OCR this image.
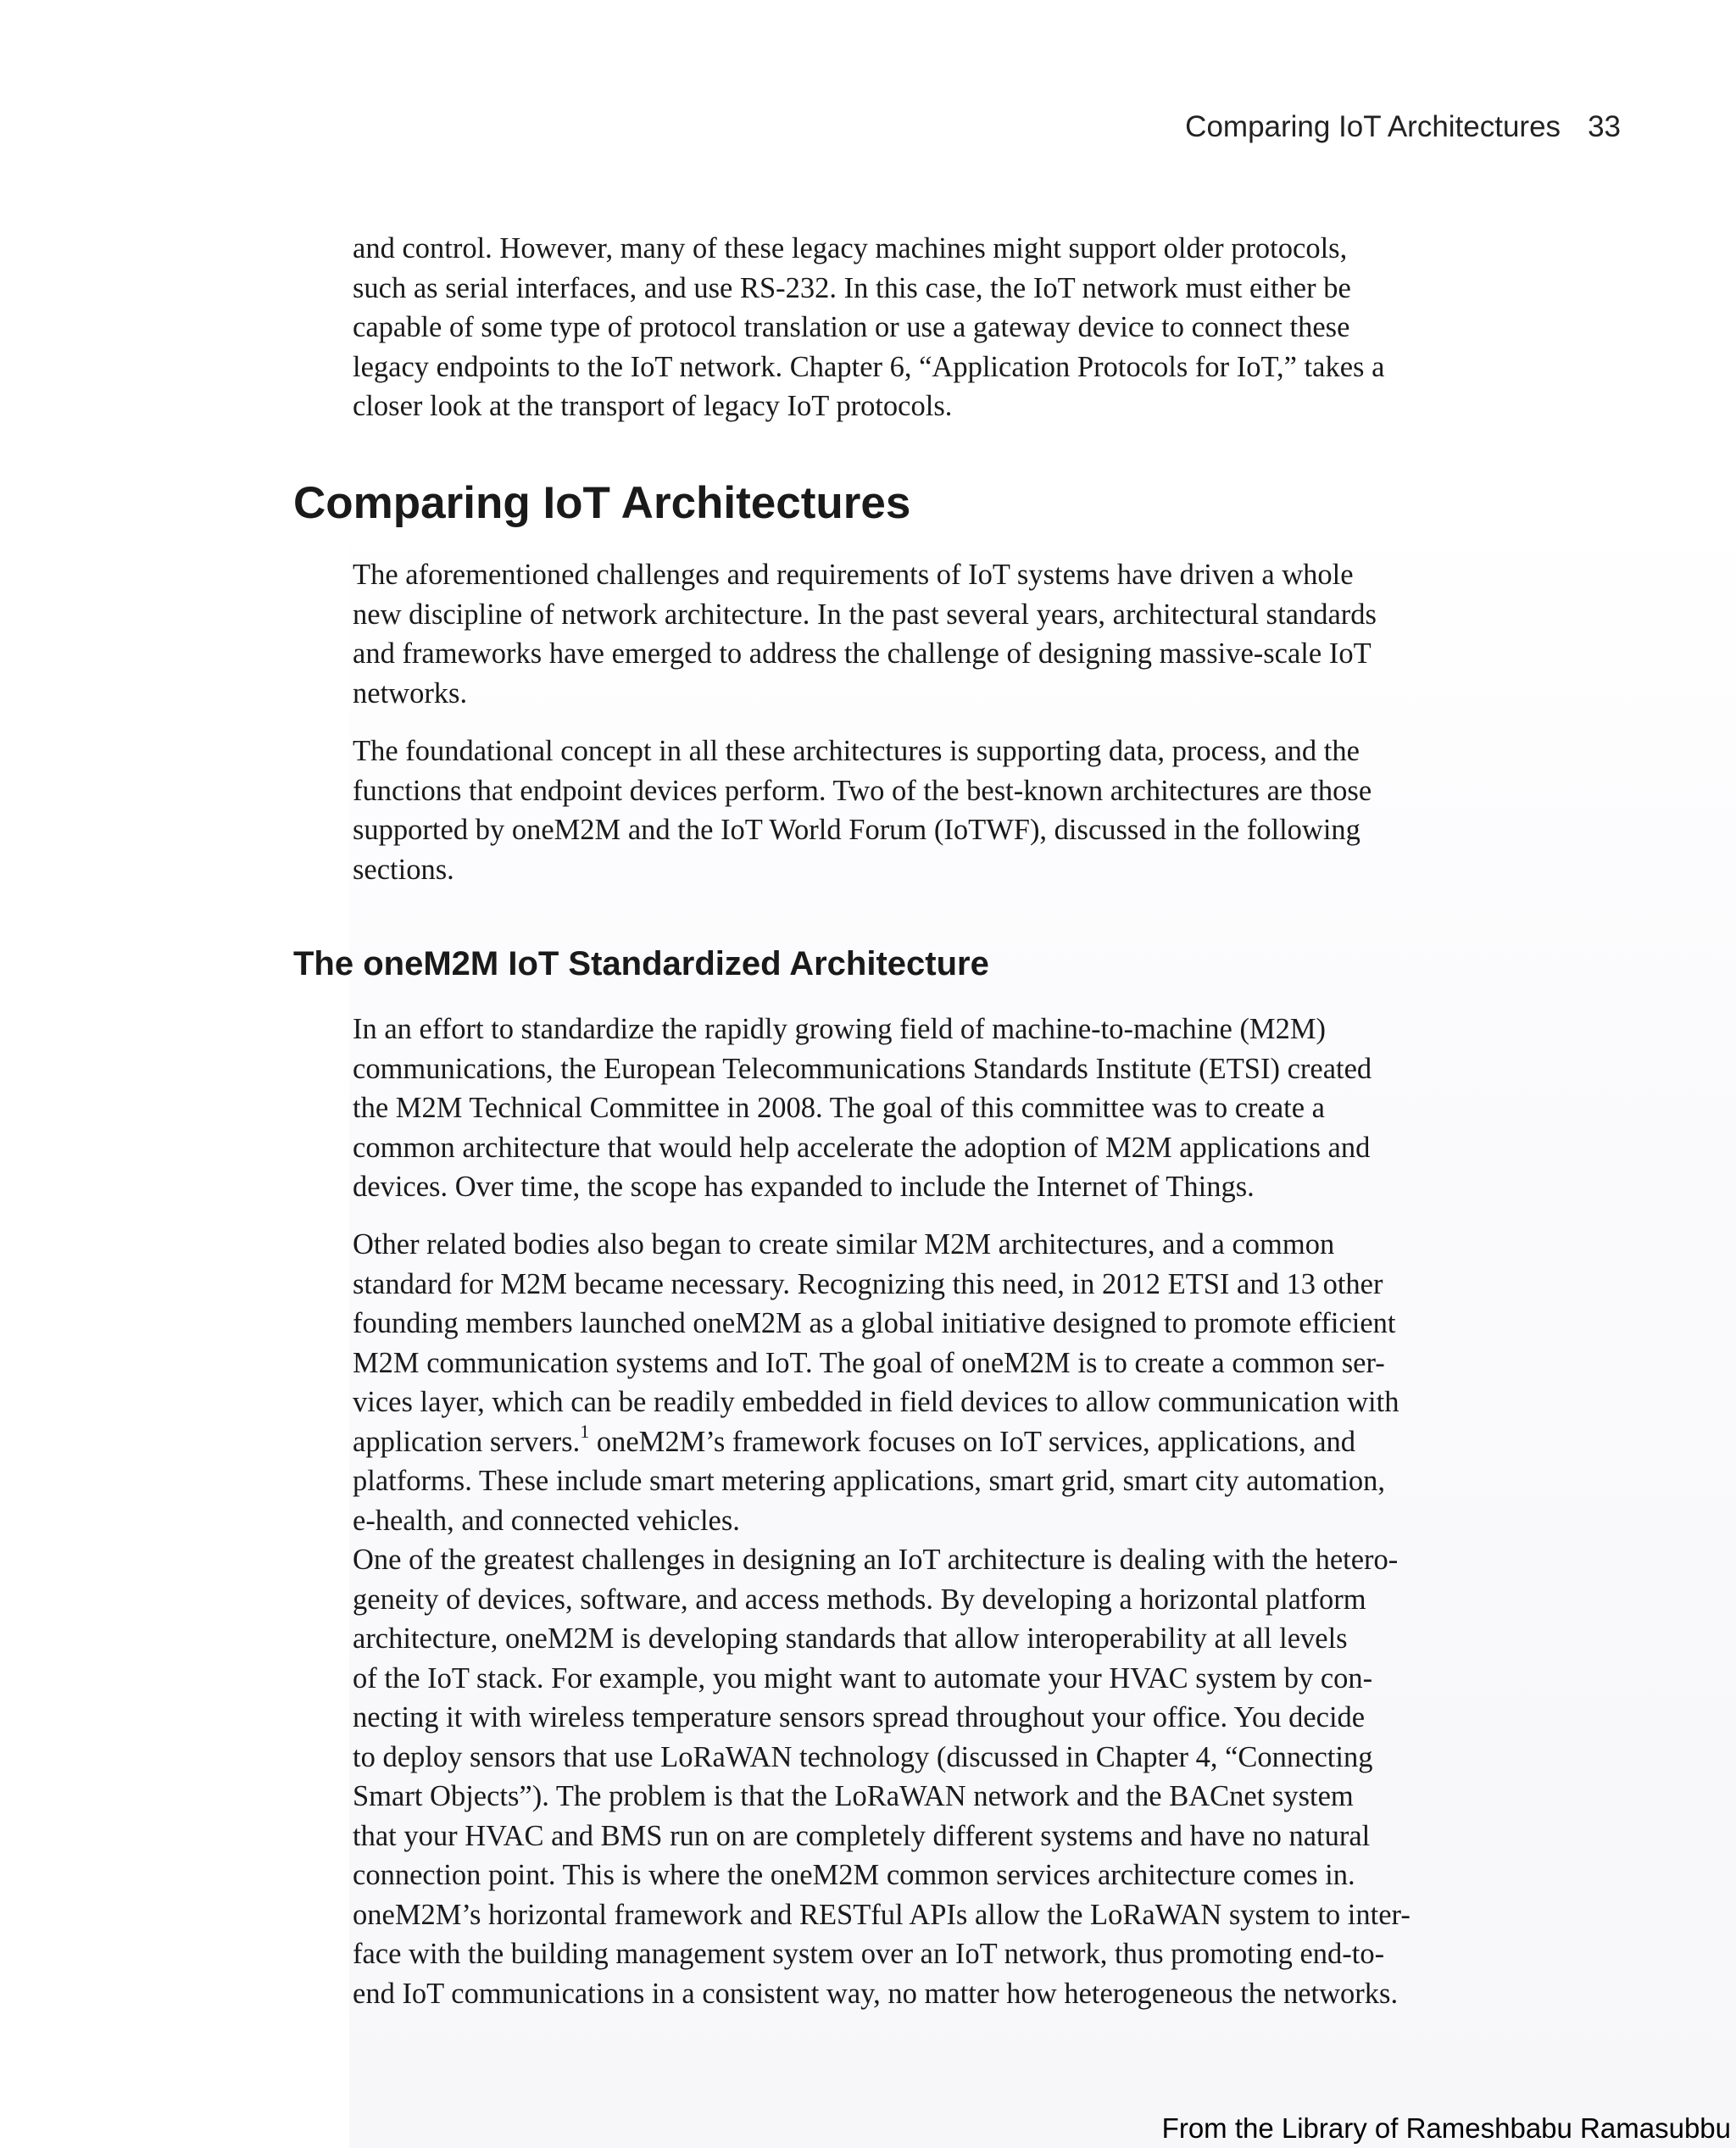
Comparing IoT Architectures 33

and control. However, many of these legacy machines might support older protocols,
such as serial interfaces, and use RS-232. In this case, the IoT network must either be
capable of some type of protocol translation or use a gateway device to connect these
legacy endpoints to the IoT network. Chapter 6, “Application Protocols for IoT,” takes a
closer look at the transport of legacy IoT protocols.

Comparing IoT Architectures

The aforementioned challenges and requirements of IoT systems have driven a whole
new discipline of network architecture. In the past several years, architectural standards
and frameworks have emerged to address the challenge of designing massive-scale IoT
networks.

The foundational concept in all these architectures is supporting data, process, and the
functions that endpoint devices perform. Two of the best-known architectures are those
supported by oneM2M and the IoT World Forum (IoTWF), discussed in the following
sections.

The oneM2M IoT Standardized Architecture

In an effort to standardize the rapidly growing field of machine-to-machine (M2M)
communications, the European Telecommunications Standards Institute (ETSI) created
the M2M Technical Committee in 2008. The goal of this committee was to create a
common architecture that would help accelerate the adoption of M2M applications and
devices. Over time, the scope has expanded to include the Internet of Things.

Other related bodies also began to create similar M2M architectures, and a common
standard for M2M became necessary. Recognizing this need, in 2012 ETSI and 13 other
founding members launched oneM2M as a global initiative designed to promote efficient
M2M communication systems and IoT. The goal of oneM2M is to create a common ser-
vices layer, which can be readily embedded in field devices to allow communication with
application servers.$^1$ oneM2M’s framework focuses on IoT services, applications, and
platforms. These include smart metering applications, smart grid, smart city automation,
e-health, and connected vehicles.

One of the greatest challenges in designing an IoT architecture is dealing with the hetero-
geneity of devices, software, and access methods. By developing a horizontal platform
architecture, oneM2M is developing standards that allow interoperability at all levels
of the IoT stack. For example, you might want to automate your HVAC system by con-
necting it with wireless temperature sensors spread throughout your office. You decide
to deploy sensors that use LoRaWAN technology (discussed in Chapter 4, “Connecting
Smart Objects”). The problem is that the LoRaWAN network and the BACnet system
that your HVAC and BMS run on are completely different systems and have no natural
connection point. This is where the oneM2M common services architecture comes in.
oneM2M’s horizontal framework and RESTful APIs allow the LoRaWAN system to inter-
face with the building management system over an IoT network, thus promoting end-to-
end IoT communications in a consistent way, no matter how heterogeneous the networks.

From the Library of Rameshbabu Ramasubbu
